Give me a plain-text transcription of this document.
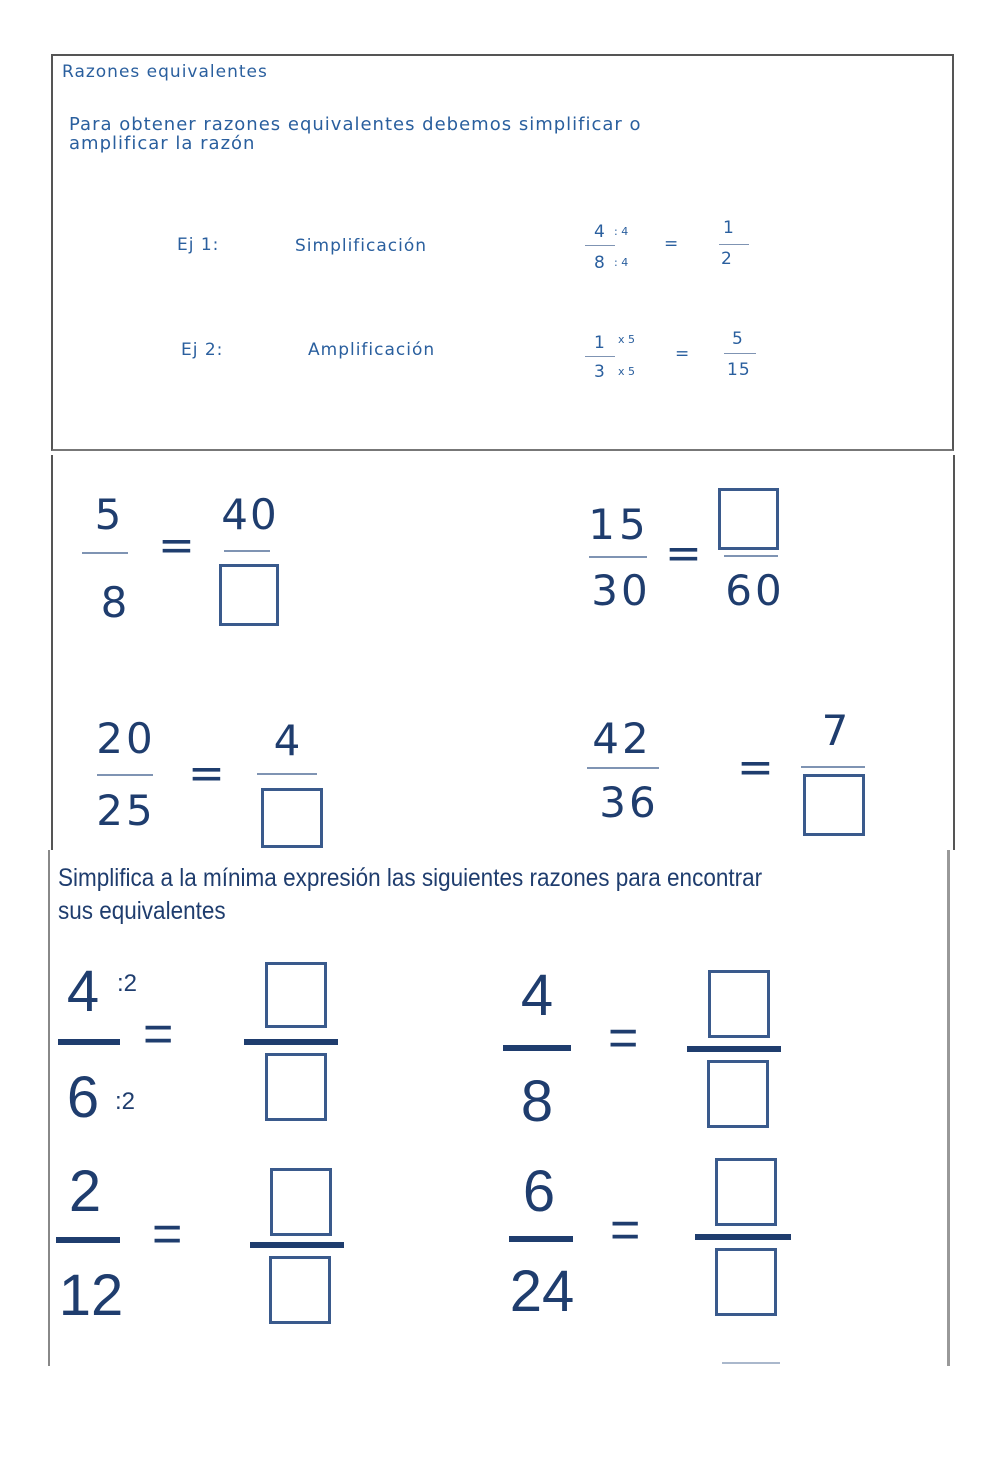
Razones equivalentes
Para obtener razones equivalentes debemos simplificar o
amplificar la razón
Ej 1:	Simplificación
4 : 4
8 : 4
=
1
2
Ej 2:	Amplificación	1 x 5
3 x 5
=
5
15
5
8
=
40	15
30
=
60
20
25
=
4	42
36
=
7
Simplifica a la mínima expresión las siguientes razones para encontrar
sus equivalentes
4 :2
6 :2
=
4
8
=
2
12
=
6
24
=
